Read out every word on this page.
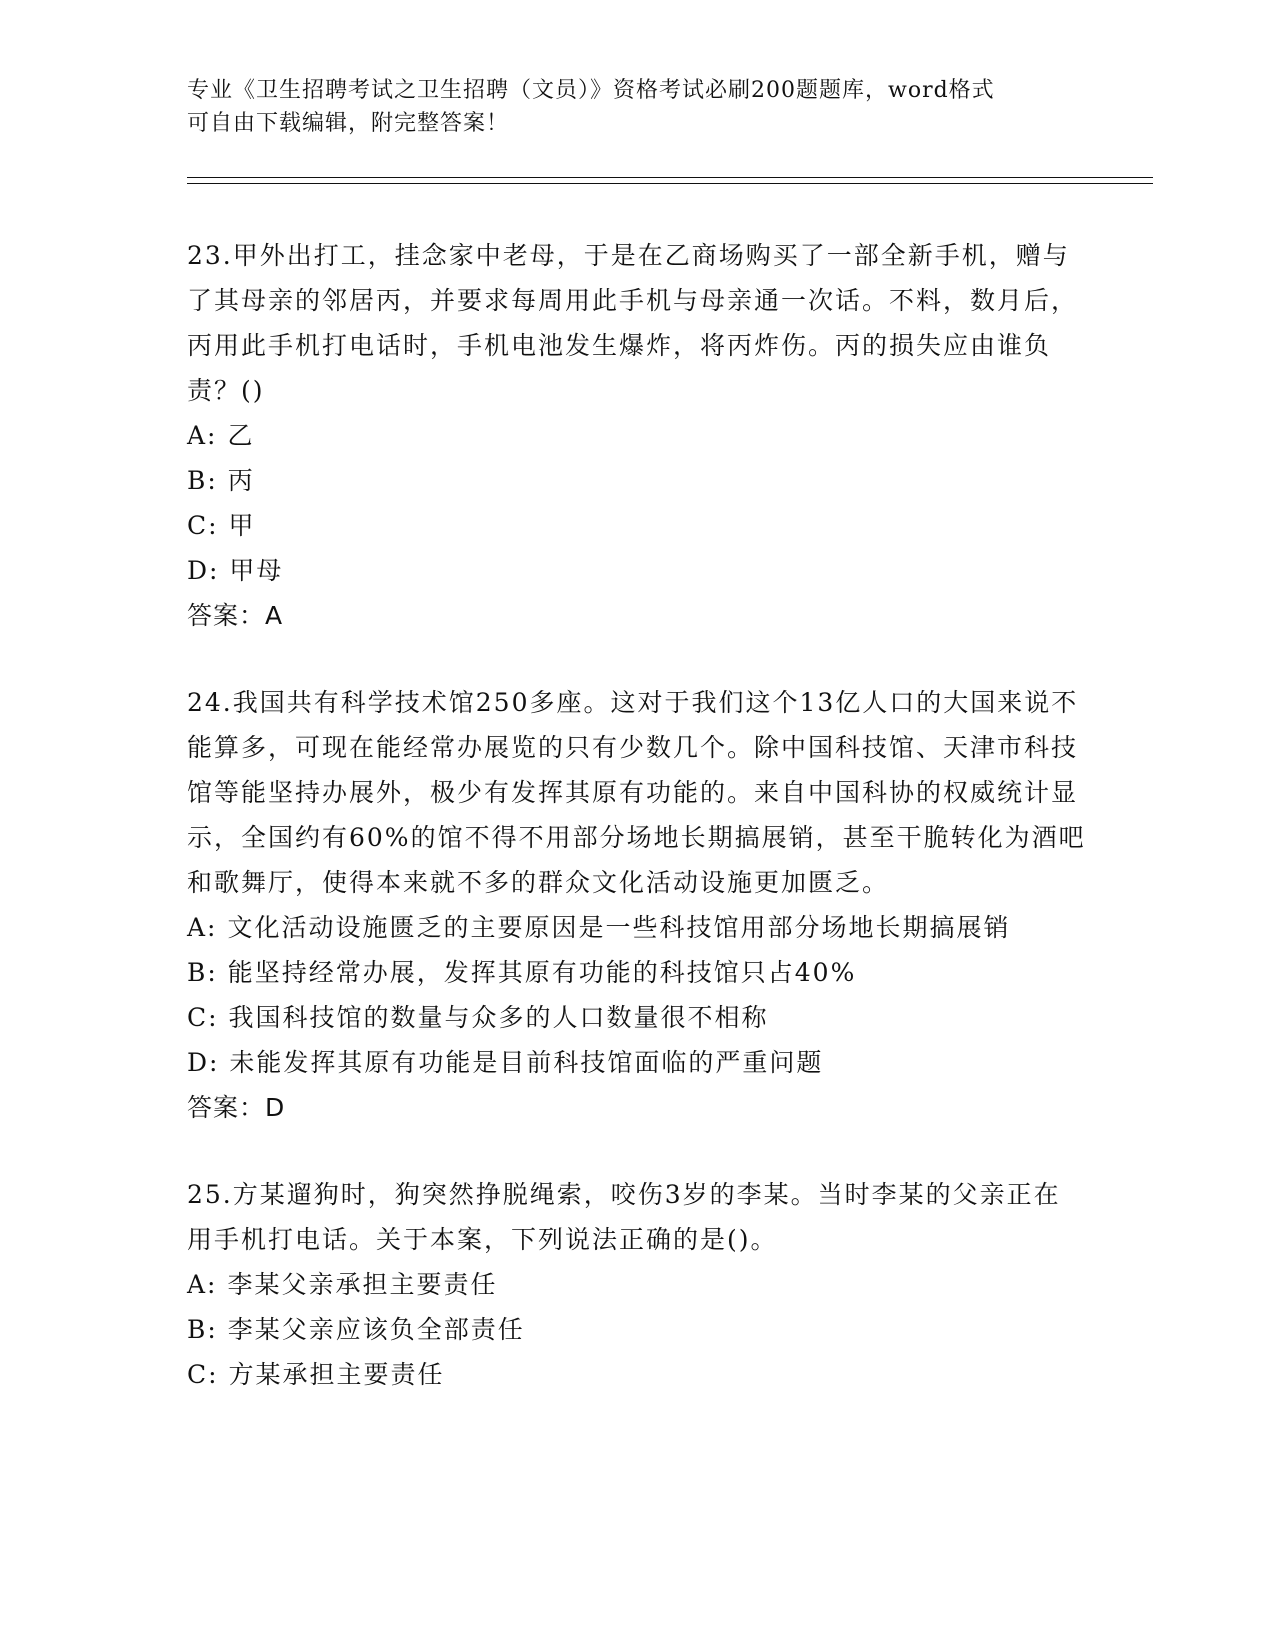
专业《卫生招聘考试之卫生招聘（文员）》资格考试必刷200题题库，word格式
可自由下载编辑，附完整答案！
23.甲外出打工，挂念家中老母，于是在乙商场购买了一部全新手机，赠与了其母亲的邻居丙，并要求每周用此手机与母亲通一次话。不料，数月后，丙用此手机打电话时，手机电池发生爆炸，将丙炸伤。丙的损失应由谁负责？()
A: 乙
B: 丙
C: 甲
D: 甲母
答案：A
24.我国共有科学技术馆250多座。这对于我们这个13亿人口的大国来说不能算多，可现在能经常办展览的只有少数几个。除中国科技馆、天津市科技馆等能坚持办展外，极少有发挥其原有功能的。来自中国科协的权威统计显示，全国约有60%的馆不得不用部分场地长期搞展销，甚至干脆转化为酒吧和歌舞厅，使得本来就不多的群众文化活动设施更加匮乏。
A: 文化活动设施匮乏的主要原因是一些科技馆用部分场地长期搞展销
B: 能坚持经常办展，发挥其原有功能的科技馆只占40%
C: 我国科技馆的数量与众多的人口数量很不相称
D: 未能发挥其原有功能是目前科技馆面临的严重问题
答案：D
25.方某遛狗时，狗突然挣脱绳索，咬伤3岁的李某。当时李某的父亲正在用手机打电话。关于本案，下列说法正确的是()。
A: 李某父亲承担主要责任
B: 李某父亲应该负全部责任
C: 方某承担主要责任
